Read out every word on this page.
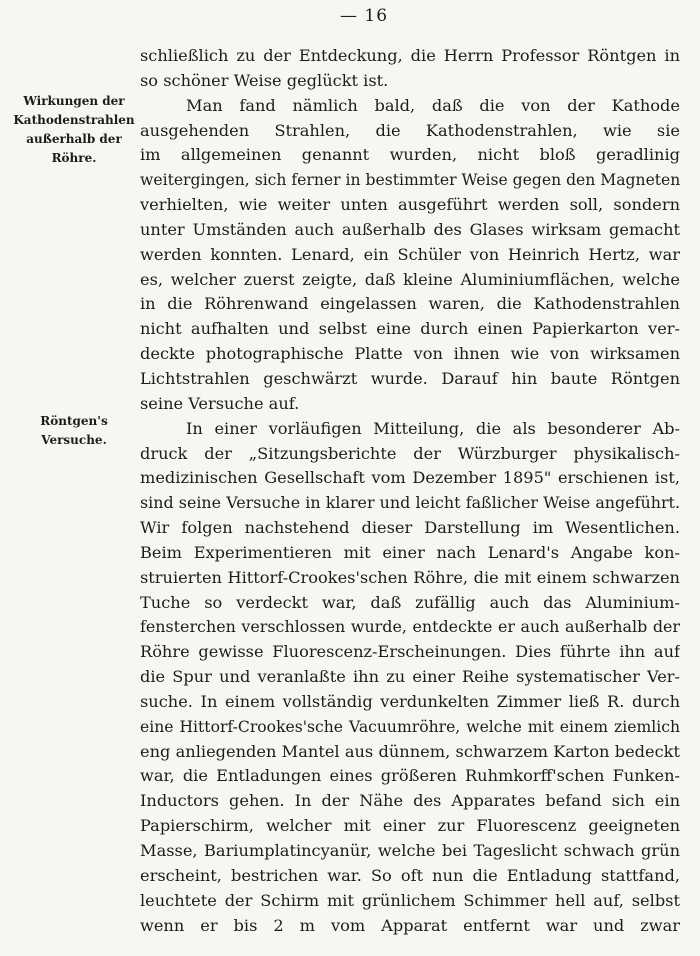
— 16
Wirkungen der
Kathodenstrahlen
außerhalb der
Röhre.
Röntgen's
Versuche.
schließlich zu der Entdeckung, die Herrn Professor Röntgen in
so schöner Weise geglückt ist.
Man fand nämlich bald, daß die von der Kathode
ausgehenden Strahlen, die Kathodenstrahlen, wie sie
im allgemeinen genannt wurden, nicht bloß geradlinig
weitergingen, sich ferner in bestimmter Weise gegen den Magneten
verhielten, wie weiter unten ausgeführt werden soll, sondern
unter Umständen auch außerhalb des Glases wirksam gemacht
werden konnten. Lenard, ein Schüler von Heinrich Hertz, war
es, welcher zuerst zeigte, daß kleine Aluminiumflächen, welche
in die Röhrenwand eingelassen waren, die Kathodenstrahlen
nicht aufhalten und selbst eine durch einen Papierkarton ver-
deckte photographische Platte von ihnen wie von wirksamen
Lichtstrahlen geschwärzt wurde. Darauf hin baute Röntgen
seine Versuche auf.
In einer vorläufigen Mitteilung, die als besonderer Ab-
druck der „Sitzungsberichte der Würzburger physikalisch-
medizinischen Gesellschaft vom Dezember 1895" erschienen ist,
sind seine Versuche in klarer und leicht faßlicher Weise angeführt.
Wir folgen nachstehend dieser Darstellung im Wesentlichen.
Beim Experimentieren mit einer nach Lenard's Angabe kon-
struierten Hittorf-Crookes'schen Röhre, die mit einem schwarzen
Tuche so verdeckt war, daß zufällig auch das Aluminium-
fensterchen verschlossen wurde, entdeckte er auch außerhalb der
Röhre gewisse Fluorescenz-Erscheinungen. Dies führte ihn auf
die Spur und veranlaßte ihn zu einer Reihe systematischer Ver-
suche. In einem vollständig verdunkelten Zimmer ließ R. durch
eine Hittorf-Crookes'sche Vacuumröhre, welche mit einem ziemlich
eng anliegenden Mantel aus dünnem, schwarzem Karton bedeckt
war, die Entladungen eines größeren Ruhmkorff'schen Funken-
Inductors gehen. In der Nähe des Apparates befand sich ein
Papierschirm, welcher mit einer zur Fluorescenz geeigneten
Masse, Bariumplatincyanür, welche bei Tageslicht schwach grün
erscheint, bestrichen war. So oft nun die Entladung stattfand,
leuchtete der Schirm mit grünlichem Schimmer hell auf, selbst
wenn er bis 2 m vom Apparat entfernt war und zwar
